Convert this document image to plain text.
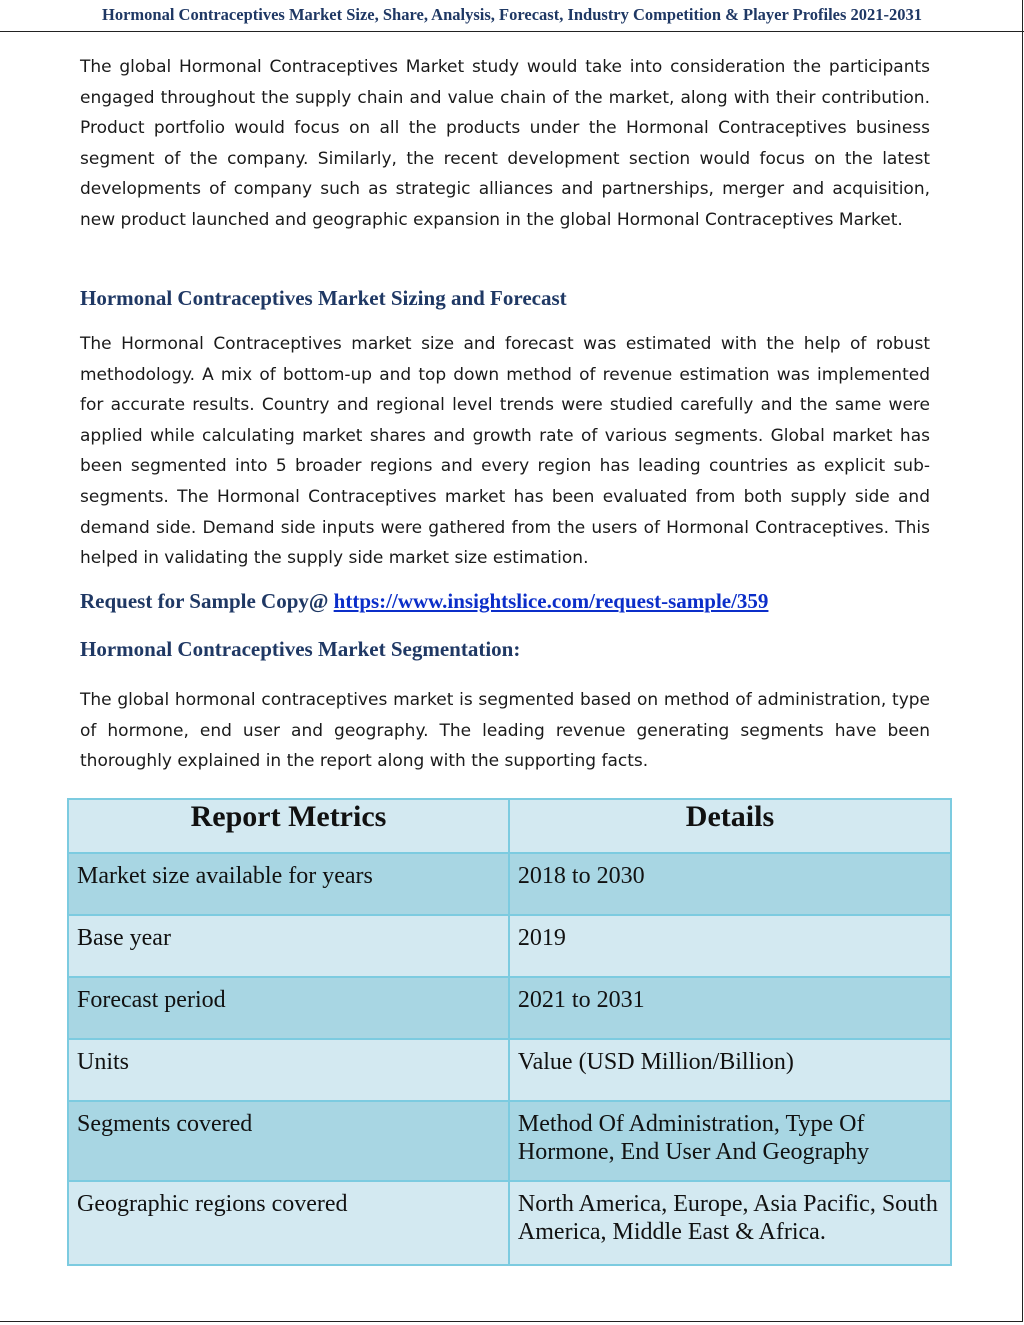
Hormonal Contraceptives Market Size, Share, Analysis, Forecast, Industry Competition & Player Profiles 2021-2031

The global Hormonal Contraceptives Market study would take into consideration the participants engaged throughout the supply chain and value chain of the market, along with their contribution. Product portfolio would focus on all the products under the Hormonal Contraceptives business segment of the company. Similarly, the recent development section would focus on the latest developments of company such as strategic alliances and partnerships, merger and acquisition, new product launched and geographic expansion in the global Hormonal Contraceptives Market.

Hormonal Contraceptives Market Sizing and Forecast

The Hormonal Contraceptives market size and forecast was estimated with the help of robust methodology. A mix of bottom-up and top down method of revenue estimation was implemented for accurate results. Country and regional level trends were studied carefully and the same were applied while calculating market shares and growth rate of various segments. Global market has been segmented into 5 broader regions and every region has leading countries as explicit sub-segments. The Hormonal Contraceptives market has been evaluated from both supply side and demand side. Demand side inputs were gathered from the users of Hormonal Contraceptives. This helped in validating the supply side market size estimation.

Request for Sample Copy@ https://www.insightslice.com/request-sample/359
Hormonal Contraceptives Market Segmentation:

The global hormonal contraceptives market is segmented based on method of administration, type of hormone, end user and geography. The leading revenue generating segments have been thoroughly explained in the report along with the supporting facts.

Report Metrics	Details
Market size available for years	2018 to 2030
Base year	2019
Forecast period	2021 to 2031
Units	Value (USD Million/Billion)
Segments covered	Method Of Administration, Type Of Hormone, End User And Geography
Geographic regions covered	North America, Europe, Asia Pacific, South America, Middle East & Africa.
